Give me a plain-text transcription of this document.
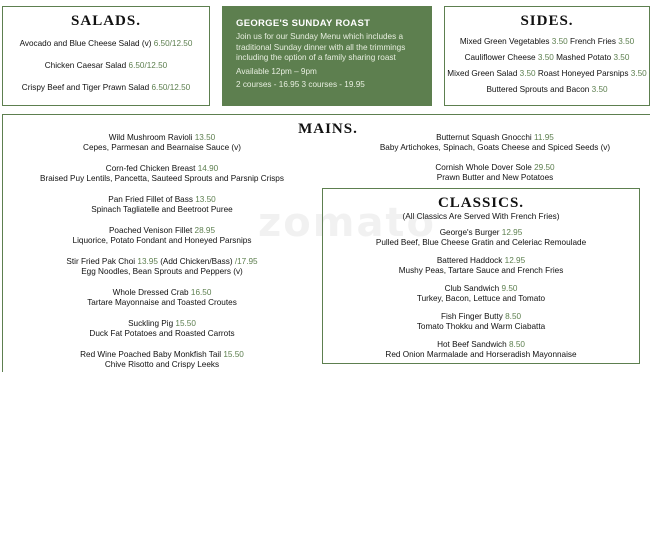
SALADS.
Avocado and Blue Cheese Salad (v) 6.50/12.50
Chicken Caesar Salad 6.50/12.50
Crispy Beef and Tiger Prawn Salad 6.50/12.50
GEORGE'S SUNDAY ROAST
Join us for our Sunday Menu which includes a
traditional Sunday dinner with all the trimmings
including the option of a family sharing roast
Available 12pm – 9pm
2 courses - 16.95 3 courses - 19.95
SIDES.
Mixed Green Vegetables 3.50 French Fries 3.50
Cauliflower Cheese 3.50 Mashed Potato 3.50
Mixed Green Salad 3.50 Roast Honeyed Parsnips 3.50
Buttered Sprouts and Bacon 3.50
MAINS.
Wild Mushroom Ravioli 13.50
Cepes, Parmesan and Bearnaise Sauce (v)
Corn-fed Chicken Breast 14.90
Braised Puy Lentils, Pancetta, Sauteed Sprouts and Parsnip Crisps
Pan Fried Fillet of Bass 13.50
Spinach Tagliatelle and Beetroot Puree
Poached Venison Fillet 28.95
Liquorice, Potato Fondant and Honeyed Parsnips
Stir Fried Pak Choi 13.95 (Add Chicken/Bass) /17.95
Egg Noodles, Bean Sprouts and Peppers (v)
Whole Dressed Crab 16.50
Tartare Mayonnaise and Toasted Croutes
Suckling Pig 15.50
Duck Fat Potatoes and Roasted Carrots
Red Wine Poached Baby Monkfish Tail 15.50
Chive Risotto and Crispy Leeks
Butternut Squash Gnocchi 11.95
Baby Artichokes, Spinach, Goats Cheese and Spiced Seeds (v)
Cornish Whole Dover Sole 29.50
Prawn Butter and New Potatoes
CLASSICS.
(All Classics Are Served With French Fries)
George's Burger 12.95
Pulled Beef, Blue Cheese Gratin and Celeriac Remoulade
Battered Haddock 12.95
Mushy Peas, Tartare Sauce and French Fries
Club Sandwich 9.50
Turkey, Bacon, Lettuce and Tomato
Fish Finger Butty 8.50
Tomato Thokku and Warm Ciabatta
Hot Beef Sandwich 8.50
Red Onion Marmalade and Horseradish Mayonnaise
zomato
